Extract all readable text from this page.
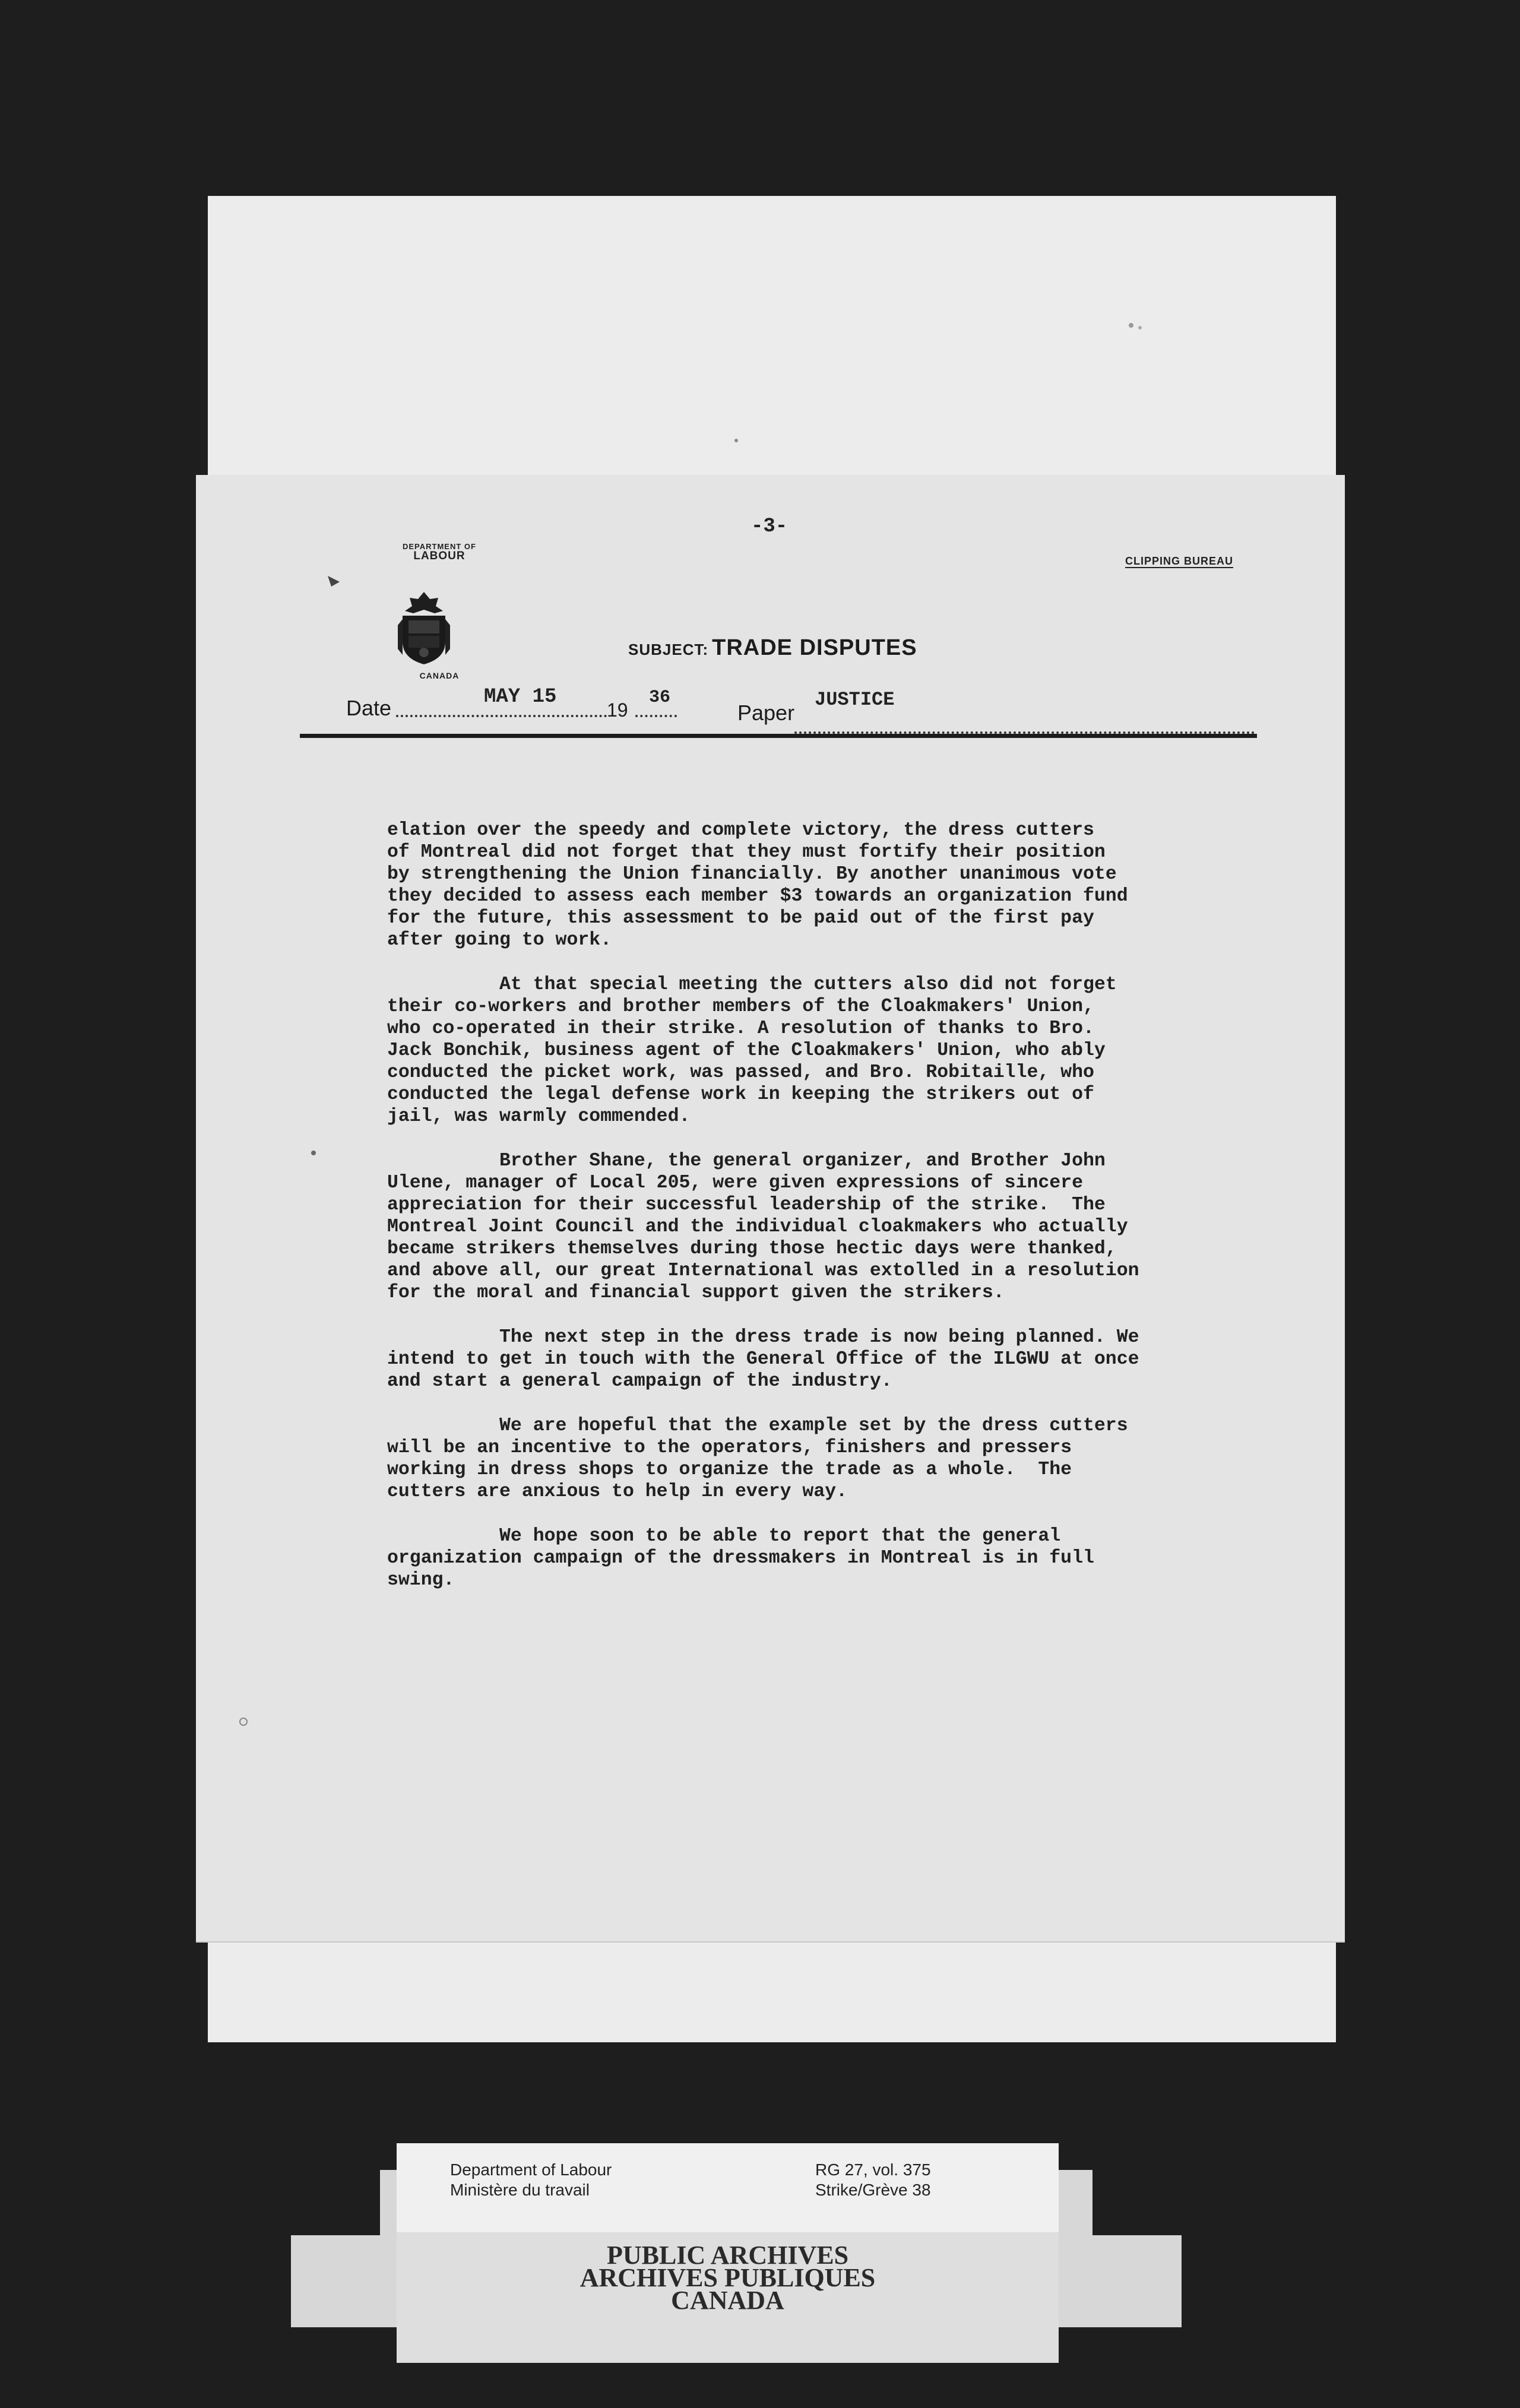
-3-
DEPARTMENT OF
LABOUR
CANADA
CLIPPING BUREAU
SUBJECT: TRADE DISPUTES
MAY 15
Date	19
36	JUSTICE
Paper
elation over the speedy and complete victory, the dress cutters
of Montreal did not forget that they must fortify their position
by strengthening the Union financially. By another unanimous vote
they decided to assess each member $3 towards an organization fund
for the future, this assessment to be paid out of the first pay
after going to work.
At that special meeting the cutters also did not forget
their co-workers and brother members of the Cloakmakers' Union,
who co-operated in their strike. A resolution of thanks to Bro.
Jack Bonchik, business agent of the Cloakmakers' Union, who ably
conducted the picket work, was passed, and Bro. Robitaille, who
conducted the legal defense work in keeping the strikers out of
jail, was warmly commended.
Brother Shane, the general organizer, and Brother John
Ulene, manager of Local 205, were given expressions of sincere
appreciation for their successful leadership of the strike.  The
Montreal Joint Council and the individual cloakmakers who actually
became strikers themselves during those hectic days were thanked,
and above all, our great International was extolled in a resolution
for the moral and financial support given the strikers.
The next step in the dress trade is now being planned. We
intend to get in touch with the General Office of the ILGWU at once
and start a general campaign of the industry.
We are hopeful that the example set by the dress cutters
will be an incentive to the operators, finishers and pressers
working in dress shops to organize the trade as a whole.  The
cutters are anxious to help in every way.
We hope soon to be able to report that the general
organization campaign of the dressmakers in Montreal is in full
swing.
Department of Labour
Ministère du travail
RG 27, vol. 375
Strike/Grève 38
PUBLIC ARCHIVES
ARCHIVES PUBLIQUES
CANADA
